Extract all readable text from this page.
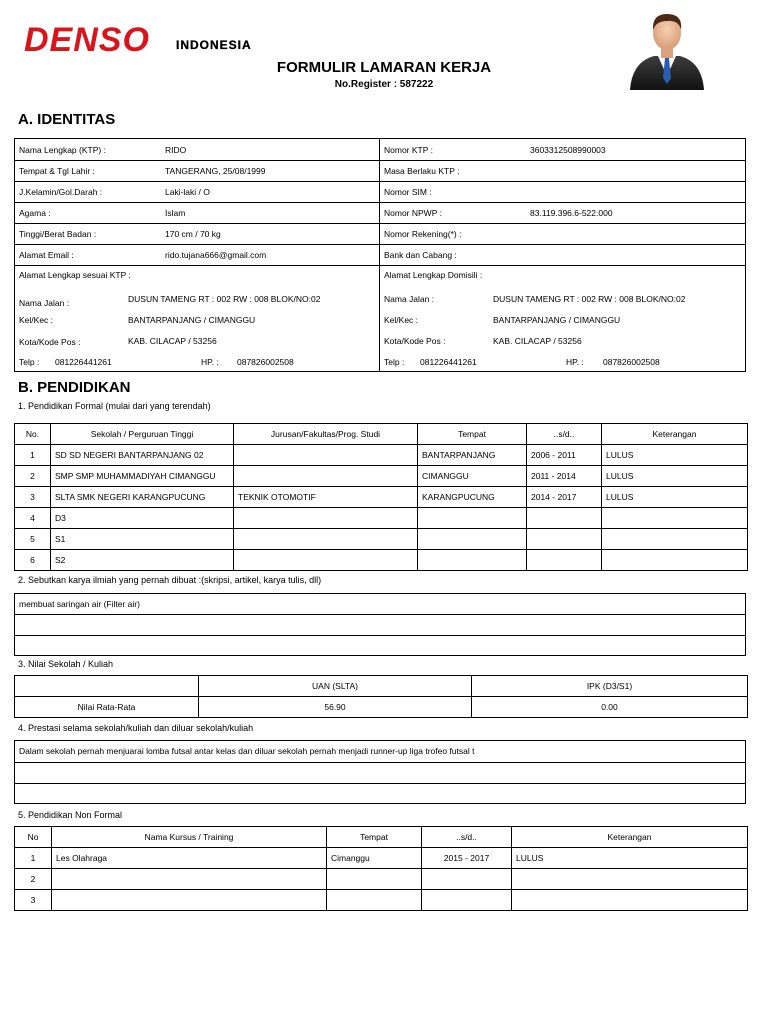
DENSO INDONESIA
FORMULIR LAMARAN KERJA
No.Register : 587222
A. IDENTITAS
Nama Lengkap (KTP) :	RIDO	Nomor KTP :	3603312508990003
Tempat & Tgl Lahir :	TANGERANG, 25/08/1999	Masa Berlaku KTP :
J.Kelamin/Gol.Darah :	Laki-laki / O	Nomor SIM :
Agama :	Islam	Nomor NPWP :	83.119.396.6-522.000
Tinggi/Berat Badan :	170 cm / 70 kg	Nomor Rekening(*) :
Alamat Email :	rido.tujana666@gmail.com	Bank dan Cabang :
Alamat Lengkap sesuai KTP :
Nama Jalan :	DUSUN TAMENG RT : 002 RW : 008 BLOK/NO:02
Kel/Kec :	BANTARPANJANG / CIMANGGU
Kota/Kode Pos :	KAB. CILACAP / 53256
Telp : 081226441261	HP. : 087826002508
Alamat Lengkap Domisili :
Nama Jalan :	DUSUN TAMENG RT : 002 RW : 008 BLOK/NO:02
Kel/Kec :	BANTARPANJANG / CIMANGGU
Kota/Kode Pos :	KAB. CILACAP / 53256
Telp : 081226441261	HP. : 087826002508
B. PENDIDIKAN
1. Pendidikan Formal (mulai dari yang terendah)
No.	Sekolah / Perguruan Tinggi	Jurusan/Fakultas/Prog. Studi	Tempat	..s/d..	Keterangan
1	SD SD NEGERI BANTARPANJANG 02		BANTARPANJANG	2006 - 2011	LULUS
2	SMP SMP MUHAMMADIYAH CIMANGGU		CIMANGGU	2011 - 2014	LULUS
3	SLTA SMK NEGERI KARANGPUCUNG	TEKNIK OTOMOTIF	KARANGPUCUNG	2014 - 2017	LULUS
4	D3				
5	S1				
6	S2				
2. Sebutkan karya ilmiah yang pernah dibuat :(skripsi, artikel, karya tulis, dll)
membuat saringan air (Filter air)
3. Nilai Sekolah / Kuliah
	UAN (SLTA)	IPK (D3/S1)
Nilai Rata-Rata	56.90	0.00
4. Prestasi selama sekolah/kuliah dan diluar sekolah/kuliah
Dalam sekolah pernah menjuarai lomba futsal antar kelas dan diluar sekolah pernah menjadi runner-up liga trofeo futsal t
5. Pendidikan Non Formal
No	Nama Kursus / Training	Tempat	..s/d..	Keterangan
1	Les Olahraga	Cimanggu	2015 - 2017	LULUS
2				
3				
